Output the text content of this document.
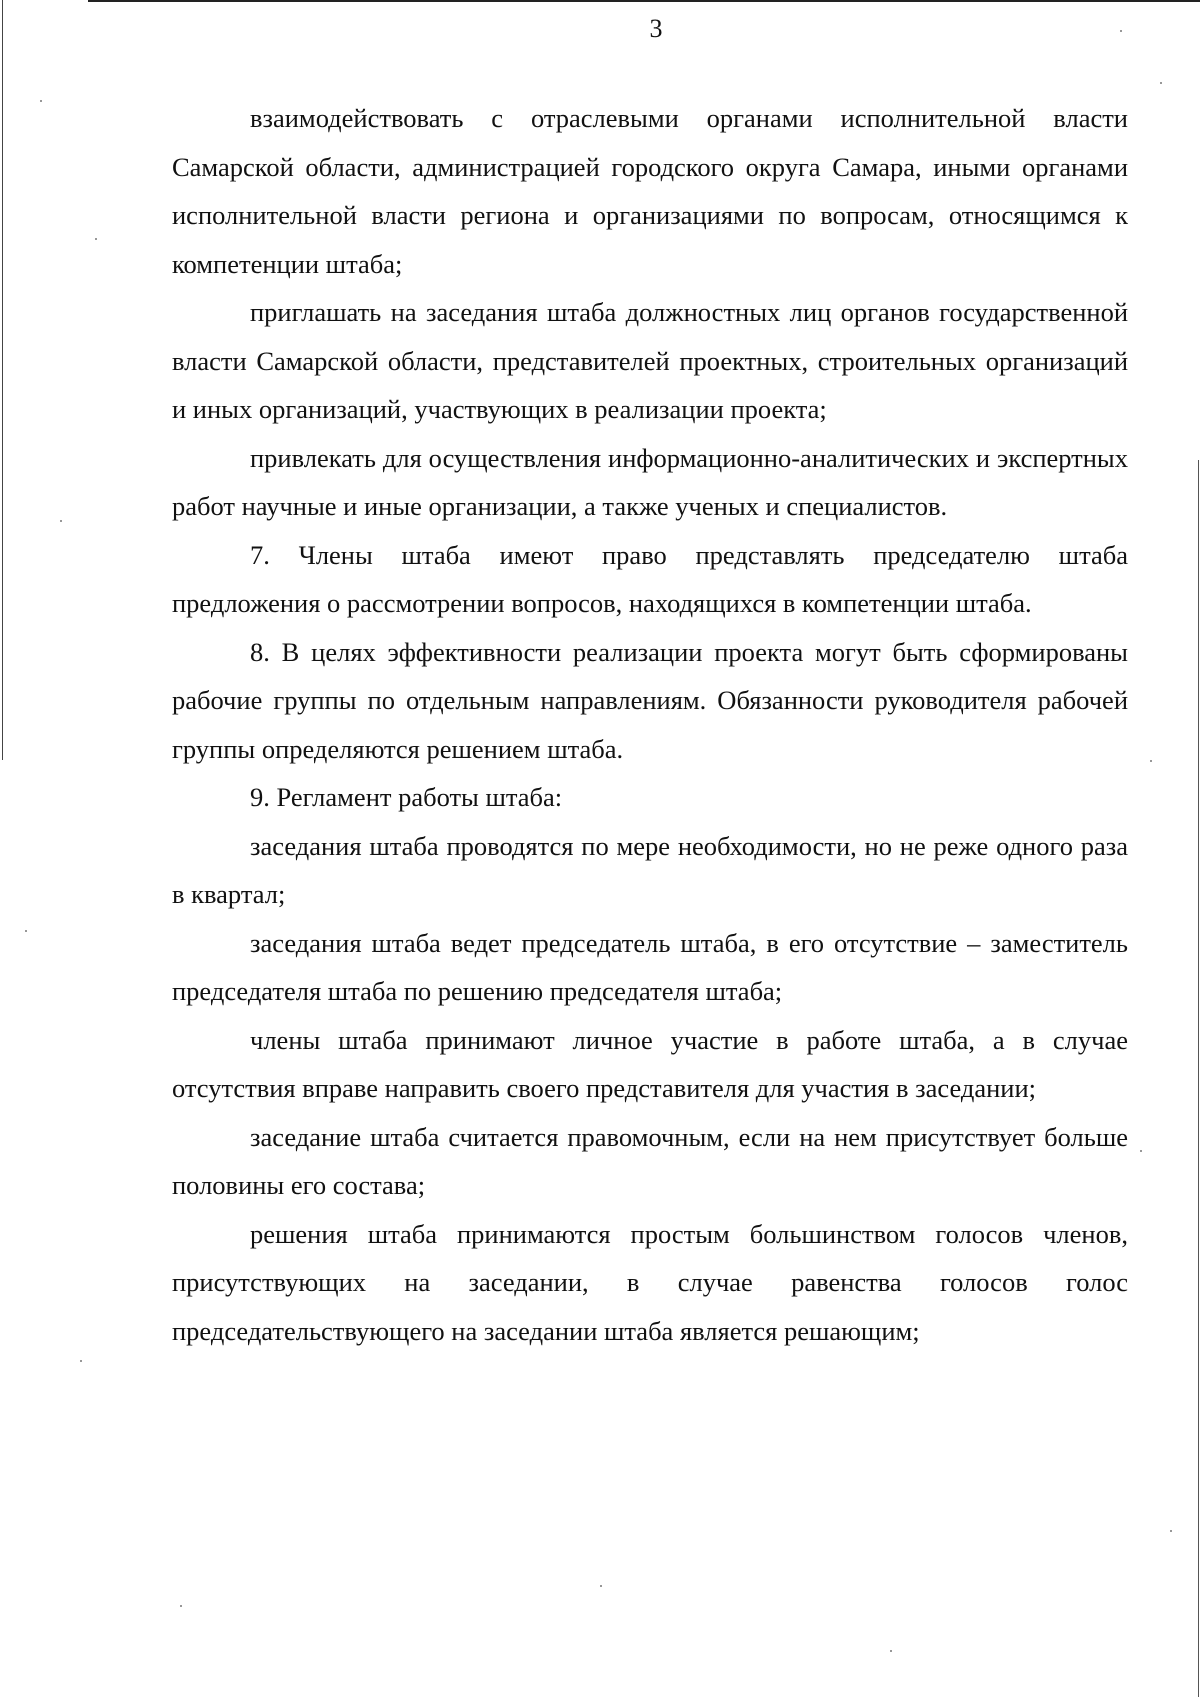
3

взаимодействовать с отраслевыми органами исполнительной власти Самарской области, администрацией городского округа Самара, иными органами исполнительной власти региона и организациями по вопросам, относящимся к компетенции штаба;

приглашать на заседания штаба должностных лиц органов государственной власти Самарской области, представителей проектных, строительных организаций и иных организаций, участвующих в реализации проекта;

привлекать для осуществления информационно-аналитических и экспертных работ научные и иные организации, а также ученых и специалистов.

7. Члены штаба имеют право представлять председателю штаба предложения о рассмотрении вопросов, находящихся в компетенции штаба.

8. В целях эффективности реализации проекта могут быть сформированы рабочие группы по отдельным направлениям. Обязанности руководителя рабочей группы определяются решением штаба.

9. Регламент работы штаба:

заседания штаба проводятся по мере необходимости, но не реже одного раза в квартал;

заседания штаба ведет председатель штаба, в его отсутствие – заместитель председателя штаба по решению председателя штаба;

члены штаба принимают личное участие в работе штаба, а в случае отсутствия вправе направить своего представителя для участия в заседании;

заседание штаба считается правомочным, если на нем присутствует больше половины его состава;

решения штаба принимаются простым большинством голосов членов, присутствующих на заседании, в случае равенства голосов голос председательствующего на заседании штаба является решающим;
